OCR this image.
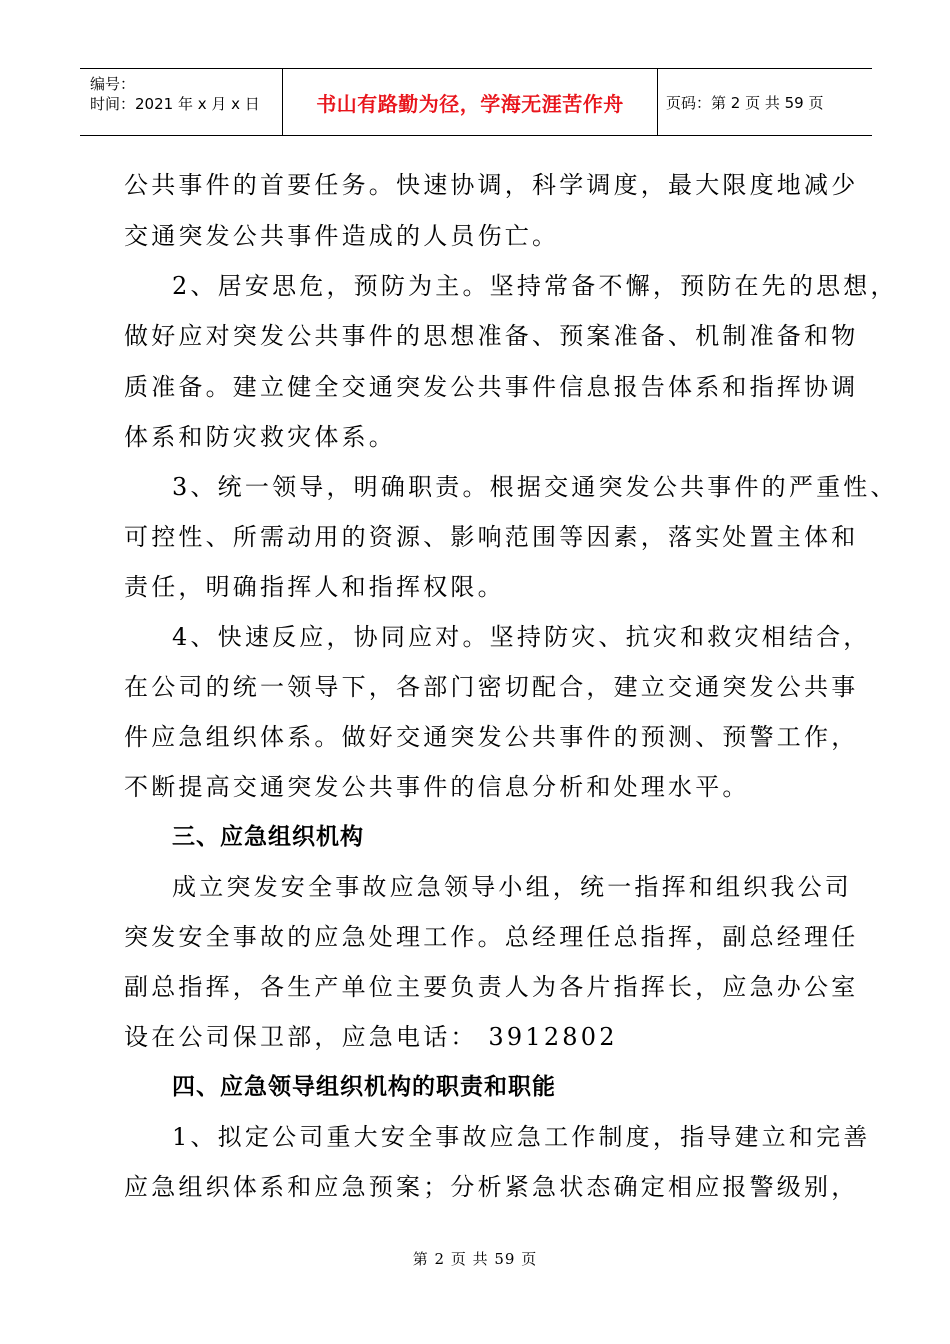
编号：
时间：2021 年 x 月 x 日	书山有路勤为径，学海无涯苦作舟	页码：第 2 页 共 59 页
公共事件的首要任务。快速协调，科学调度，最大限度地减少
交通突发公共事件造成的人员伤亡。
2、居安思危，预防为主。坚持常备不懈，预防在先的思想，
做好应对突发公共事件的思想准备、预案准备、机制准备和物
质准备。建立健全交通突发公共事件信息报告体系和指挥协调
体系和防灾救灾体系。
3、统一领导，明确职责。根据交通突发公共事件的严重性、
可控性、所需动用的资源、影响范围等因素，落实处置主体和
责任，明确指挥人和指挥权限。
4、快速反应，协同应对。坚持防灾、抗灾和救灾相结合，
在公司的统一领导下，各部门密切配合，建立交通突发公共事
件应急组织体系。做好交通突发公共事件的预测、预警工作，
不断提高交通突发公共事件的信息分析和处理水平。
三、应急组织机构
成立突发安全事故应急领导小组，统一指挥和组织我公司
突发安全事故的应急处理工作。总经理任总指挥，副总经理任
副总指挥，各生产单位主要负责人为各片指挥长，应急办公室
设在公司保卫部，应急电话： 3912802
四、应急领导组织机构的职责和职能
1、拟定公司重大安全事故应急工作制度，指导建立和完善
应急组织体系和应急预案；分析紧急状态确定相应报警级别，
第 2 页 共 59 页
